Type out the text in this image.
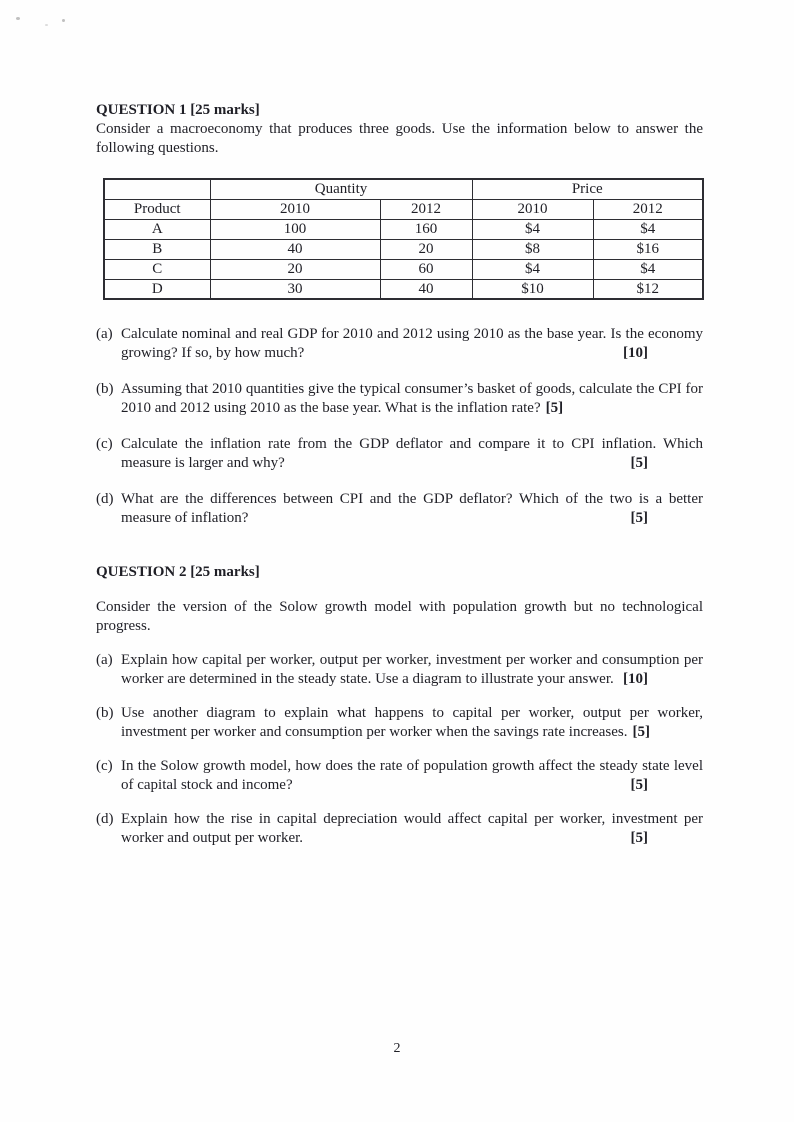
QUESTION 1 [25 marks]

Consider a macroeconomy that produces three goods. Use the information below to answer the following questions.

	Quantity		Price	
Product	2010	2012	2010	2012
A	100	160	$4	$4
B	40	20	$8	$16
C	20	60	$4	$4
D	30	40	$10	$12
(a) Calculate nominal and real GDP for 2010 and 2012 using 2010 as the base year. Is the economy growing? If so, by how much?	[10]
(b) Assuming that 2010 quantities give the typical consumer’s basket of goods, calculate the CPI for 2010 and 2012 using 2010 as the base year. What is the inflation rate? [5]
(c) Calculate the inflation rate from the GDP deflator and compare it to CPI inflation. Which measure is larger and why?	[5]
(d) What are the differences between CPI and the GDP deflator? Which of the two is a better measure of inflation?	[5]
QUESTION 2 [25 marks]

Consider the version of the Solow growth model with population growth but no technological progress.

(a) Explain how capital per worker, output per worker, investment per worker and consumption per worker are determined in the steady state. Use a diagram to illustrate your answer. [10]
(b) Use another diagram to explain what happens to capital per worker, output per worker, investment per worker and consumption per worker when the savings rate increases. [5]
(c) In the Solow growth model, how does the rate of population growth affect the steady state level of capital stock and income?	[5]
(d) Explain how the rise in capital depreciation would affect capital per worker, investment per worker and output per worker.	[5]
2
